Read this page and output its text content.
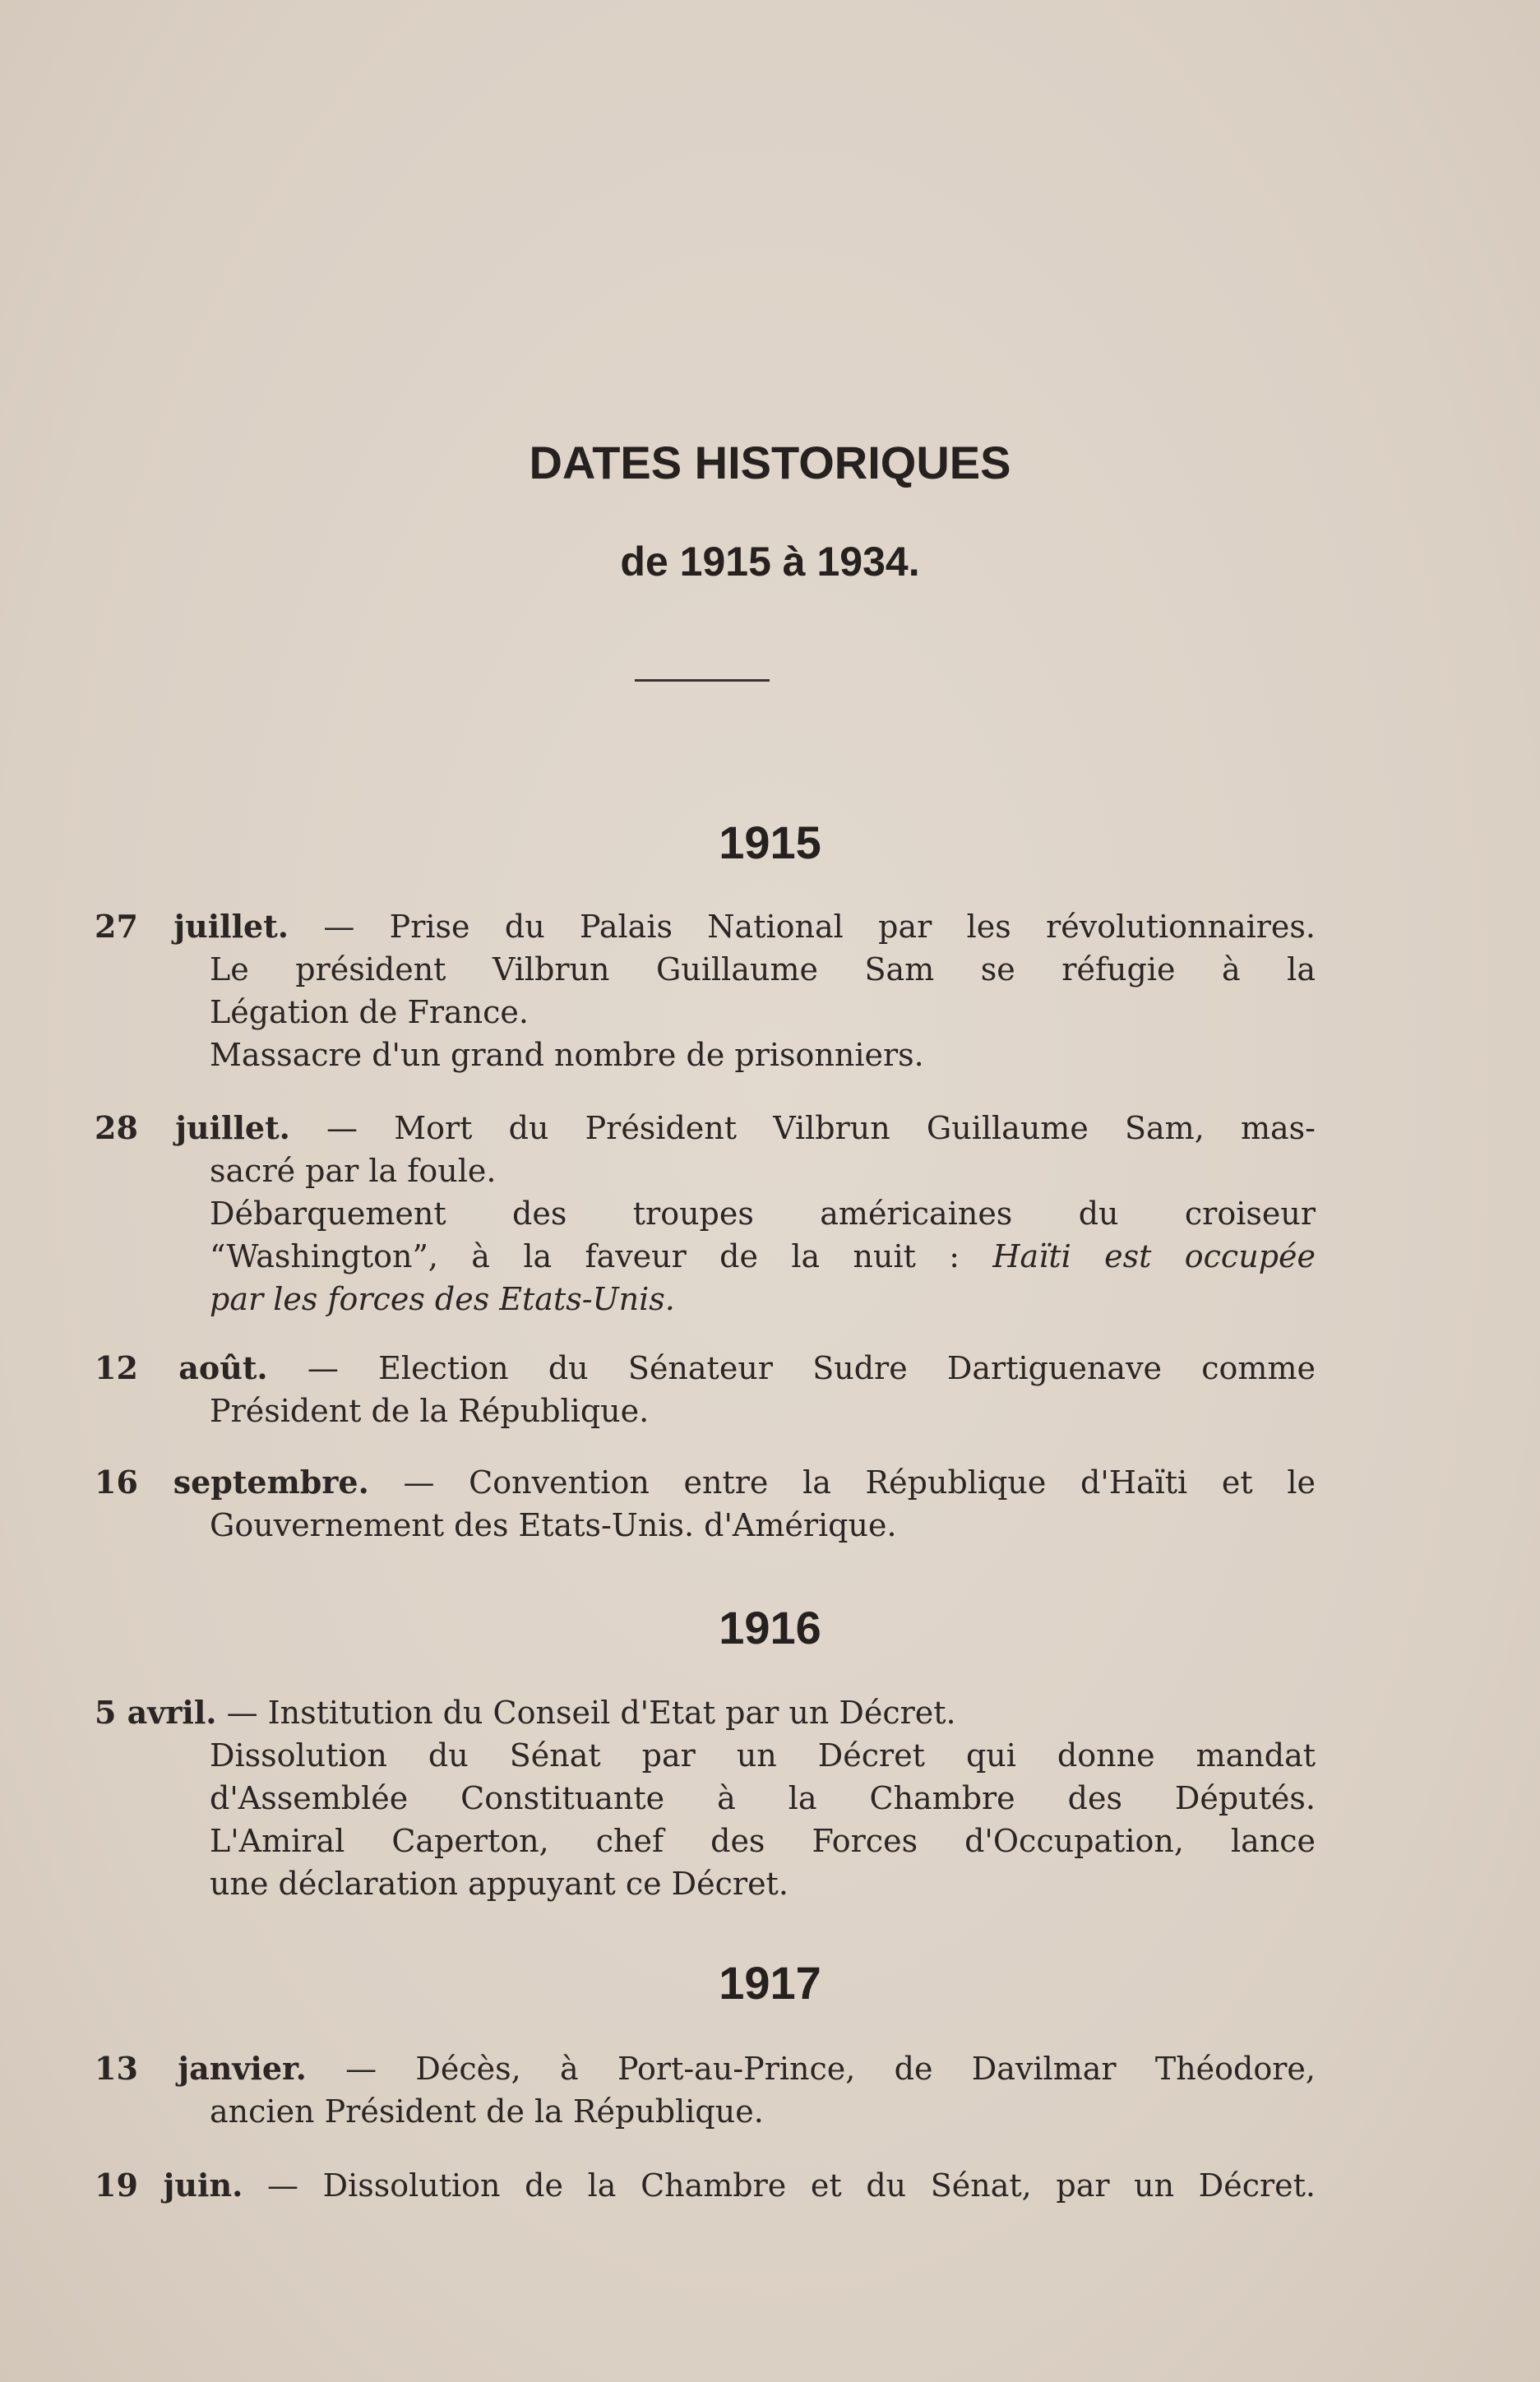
DATES HISTORIQUES
de 1915 à 1934.
1915
27 juillet. — Prise du Palais National par les révolutionnaires.
Le président Vilbrun Guillaume Sam se réfugie à la
Légation de France.
Massacre d'un grand nombre de prisonniers.
28 juillet. — Mort du Président Vilbrun Guillaume Sam, mas-
sacré par la foule.
Débarquement des troupes américaines du croiseur
“Washington”, à la faveur de la nuit : Haïti est occupée
par les forces des Etats-Unis.
12 août. — Election du Sénateur Sudre Dartiguenave comme
Président de la République.
16 septembre. — Convention entre la République d'Haïti et le
Gouvernement des Etats-Unis. d'Amérique.
1916
5 avril. — Institution du Conseil d'Etat par un Décret.
Dissolution du Sénat par un Décret qui donne mandat
d'Assemblée Constituante à la Chambre des Députés.
L'Amiral Caperton, chef des Forces d'Occupation, lance
une déclaration appuyant ce Décret.
1917
13 janvier. — Décès, à Port-au-Prince, de Davilmar Théodore,
ancien Président de la République.
19 juin. — Dissolution de la Chambre et du Sénat, par un Décret.
